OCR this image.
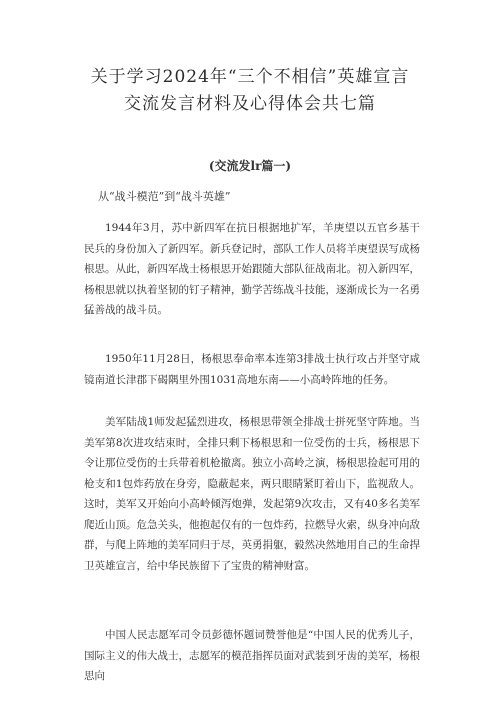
关于学习2024年“三个不相信”英雄宣言
交流发言材料及心得体会共七篇
(交流发lr篇一)
从“战斗模范”到“战斗英雄”

1944年3月，苏中新四军在抗日根据地扩军，羊庚望以五官乡基干民兵的身份加入了新四军。新兵登记时，部队工作人员将羊庚望误写成杨根思。从此，新四军战士杨根思开始跟随大部队征战南北。初入新四军，杨根思就以执着坚韧的钉子精神，勤学苦练战斗技能，逐渐成长为一名勇猛善战的战斗员。

1950年11月28日，杨根思奉命率本连第3排战士执行攻占并坚守咸镜南道长津郡下碣隅里外围1031高地东南——小高岭阵地的任务。

美军陆战1师发起猛烈进攻，杨根思带领全排战士拼死坚守阵地。当美军第8次进攻结束时，全排只剩下杨根思和一位受伤的士兵，杨根思下令让那位受伤的士兵带着机枪撤离。独立小高岭之演，杨根思捡起可用的枪支和1包炸药放在身旁，隐蔽起来，两只眼睛紧盯着山下，监视敌人。这时，美军又开始向小高岭倾泻炮弹，发起第9次攻击，又有40多名美军爬近山顶。危急关头，他抱起仅有的一包炸药，拉燃导火索，纵身冲向敌群，与爬上阵地的美军同归于尽，英勇捐躯，毅然决然地用自己的生命捍卫英雄宣言，给中华民族留下了宝贵的精神财富。

中国人民志愿军司令员彭德怀题词赞誉他是“中国人民的优秀儿子，国际主义的伟大战士，志愿军的模范指挥员面对武装到牙齿的美军，杨根思向
